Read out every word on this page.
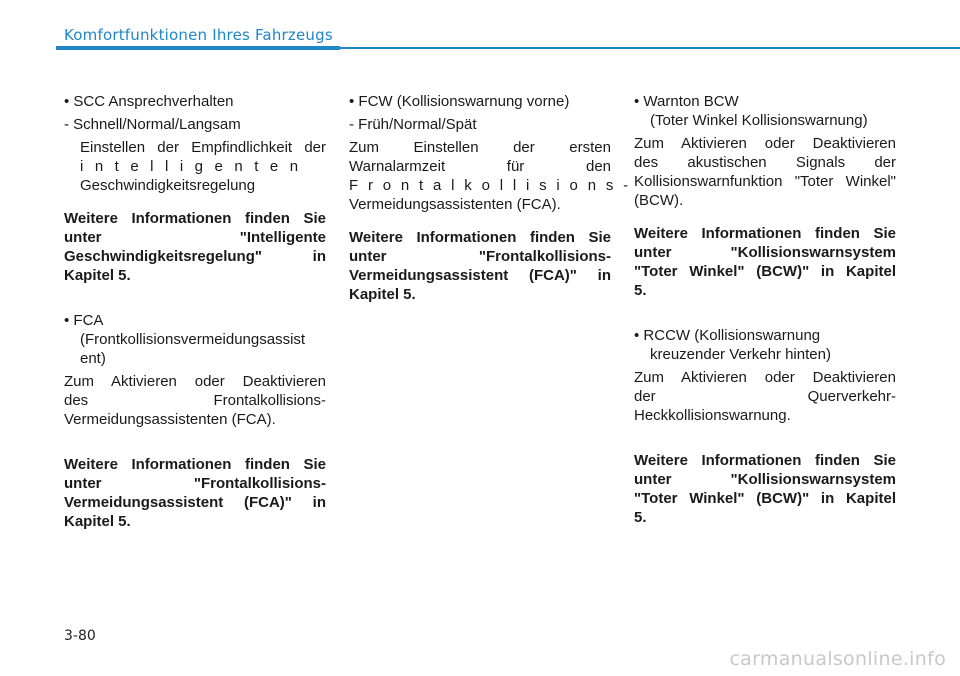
Komfortfunktionen Ihres Fahrzeugs

• SCC Ansprechverhalten

- Schnell/Normal/Langsam

Einstellen der Empfindlichkeit der

intelligenten

Geschwindigkeitsregelung

Weitere Informationen finden Sie

unter	"Intelligente

Geschwindigkeitsregelung" in

Kapitel 5.

• FCA

(Frontkollisionsvermeidungsassist

ent)

Zum Aktivieren oder Deaktivieren

des	Frontalkollisions-

Vermeidungsassistenten (FCA).

Weitere Informationen finden Sie

unter	"Frontalkollisions-

Vermeidungsassistent (FCA)" in

Kapitel 5.

• FCW (Kollisionswarnung vorne)

- Früh/Normal/Spät

Zum Einstellen der ersten

Warnalarmzeit für den

Frontalkollisions-

Vermeidungsassistenten (FCA).

Weitere Informationen finden Sie

unter	"Frontalkollisions-

Vermeidungsassistent (FCA)" in

Kapitel 5.

• Warnton BCW

(Toter Winkel Kollisionswarnung)

Zum Aktivieren oder Deaktivieren

des akustischen Signals der

Kollisionswarnfunktion "Toter Winkel"

(BCW).

Weitere Informationen finden Sie

unter "Kollisionswarnsystem

"Toter Winkel" (BCW)" in Kapitel

5.

• RCCW (Kollisionswarnung

kreuzender Verkehr hinten)

Zum Aktivieren oder Deaktivieren

der	Querverkehr-

Heckkollisionswarnung.

Weitere Informationen finden Sie

unter "Kollisionswarnsystem

"Toter Winkel" (BCW)" in Kapitel

5.

3-80
carmanualsonline.info
